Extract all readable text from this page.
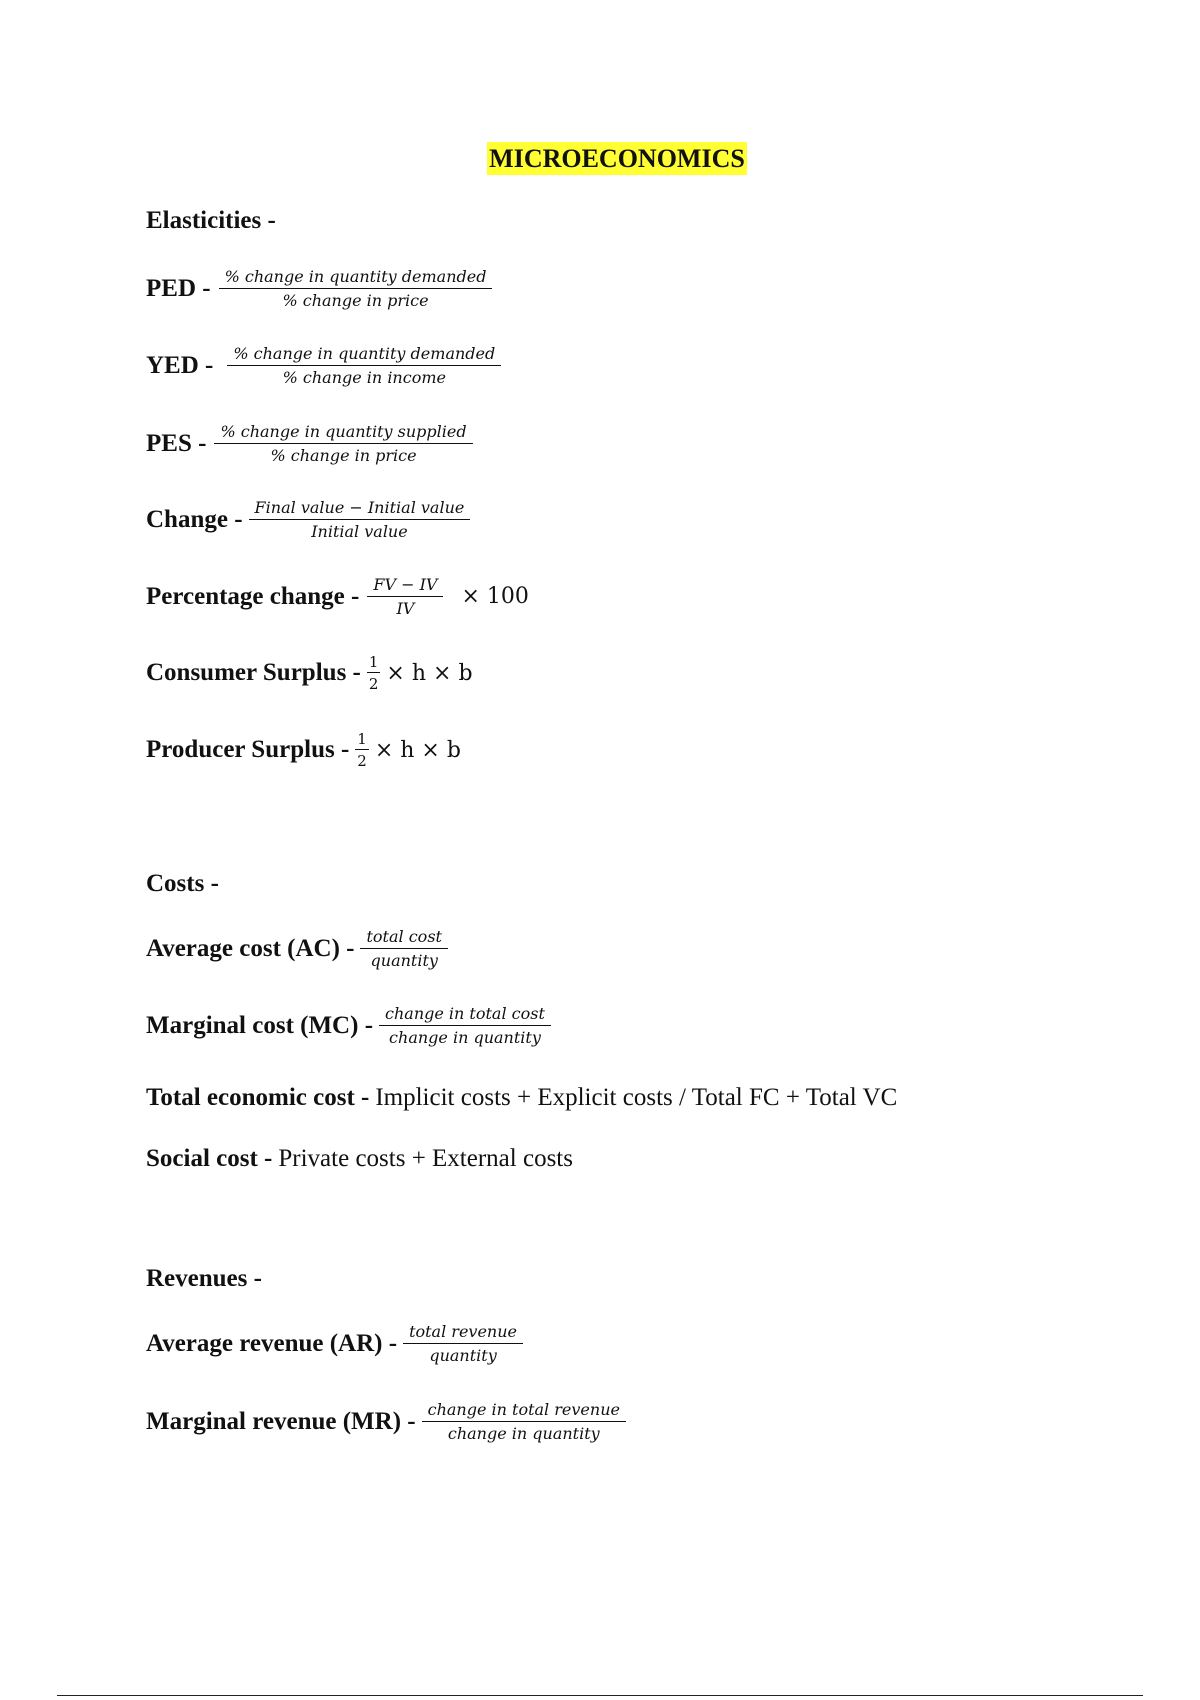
MICROECONOMICS
Elasticities -
PED - $\frac{\text{\% change in quantity demanded}}{\text{\% change in price}}$
YED - $\frac{\text{\% change in quantity demanded}}{\text{\% change in income}}$
PES - $\frac{\text{\% change in quantity supplied}}{\text{\% change in price}}$
Change - $\frac{\text{Final value − Initial value}}{\text{Initial value}}$
Percentage change - $\frac{FV - IV}{IV} \times 100$
Consumer Surplus - $\frac{1}{2} \times h \times b$
Producer Surplus - $\frac{1}{2} \times h \times b$
Costs -
Average cost $(AC) - \frac{\text{total cost}}{\text{quantity}}$
Marginal cost $(MC) - \frac{\text{change in total cost}}{\text{change in quantity}}$
Total economic cost - Implicit costs + Explicit costs / Total FC + Total VC
Social cost - Private costs + External costs
Revenues -
Average revenue $(AR) - \frac{\text{total revenue}}{\text{quantity}}$
Marginal revenue $(MR) - \frac{\text{change in total revenue}}{\text{change in quantity}}$
